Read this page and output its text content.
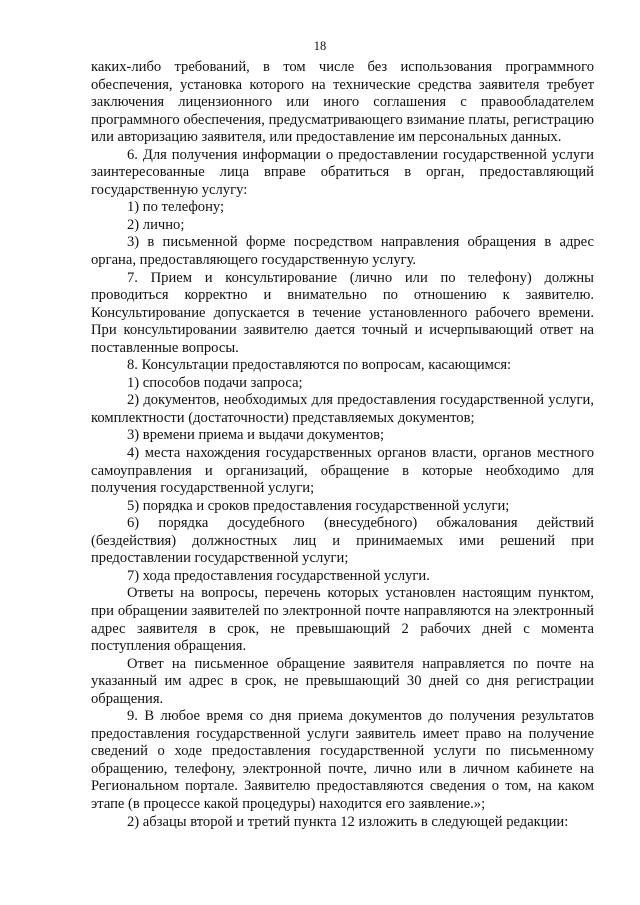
18

каких-либо требований, в том числе без использования программного обеспечения, установка которого на технические средства заявителя требует заключения лицензионного или иного соглашения с правообладателем программного обеспечения, предусматривающего взимание платы, регистрацию или авторизацию заявителя, или предоставление им персональных данных.

6. Для получения информации о предоставлении государственной услуги заинтересованные лица вправе обратиться в орган, предоставляющий государственную услугу:

1) по телефону;

2) лично;

3) в письменной форме посредством направления обращения в адрес органа, предоставляющего государственную услугу.

7. Прием и консультирование (лично или по телефону) должны проводиться корректно и внимательно по отношению к заявителю. Консультирование допускается в течение установленного рабочего времени. При консультировании заявителю дается точный и исчерпывающий ответ на поставленные вопросы.

8. Консультации предоставляются по вопросам, касающимся:

1) способов подачи запроса;

2) документов, необходимых для предоставления государственной услуги, комплектности (достаточности) представляемых документов;

3) времени приема и выдачи документов;

4) места нахождения государственных органов власти, органов местного самоуправления и организаций, обращение в которые необходимо для получения государственной услуги;

5) порядка и сроков предоставления государственной услуги;

6) порядка досудебного (внесудебного) обжалования действий (бездействия) должностных лиц и принимаемых ими решений при предоставлении государственной услуги;

7) хода предоставления государственной услуги.

Ответы на вопросы, перечень которых установлен настоящим пунктом, при обращении заявителей по электронной почте направляются на электронный адрес заявителя в срок, не превышающий 2 рабочих дней с момента поступления обращения.

Ответ на письменное обращение заявителя направляется по почте на указанный им адрес в срок, не превышающий 30 дней со дня регистрации обращения.

9. В любое время со дня приема документов до получения результатов предоставления государственной услуги заявитель имеет право на получение сведений о ходе предоставления государственной услуги по письменному обращению, телефону, электронной почте, лично или в личном кабинете на Региональном портале. Заявителю предоставляются сведения о том, на каком этапе (в процессе какой процедуры) находится его заявление.»;

2) абзацы второй и третий пункта 12 изложить в следующей редакции:
